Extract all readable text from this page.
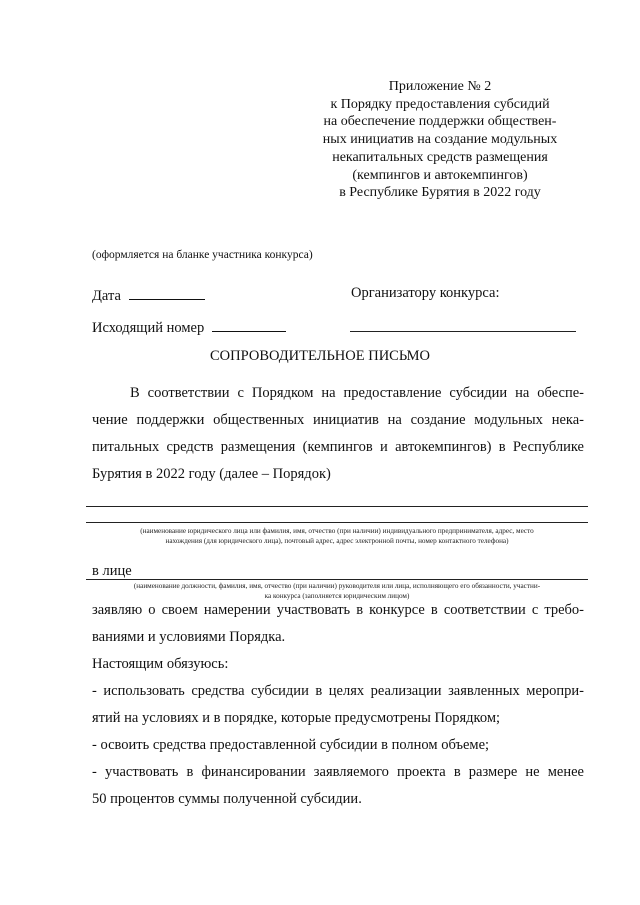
Приложение № 2
к Порядку предоставления субсидий
на обеспечение поддержки обществен-
ных инициатив на создание модульных
некапитальных средств размещения
(кемпингов и автокемпингов)
в Республике Бурятия в 2022 году
(оформляется на бланке участника конкурса)
Дата	Организатору конкурса:
Исходящий номер
СОПРОВОДИТЕЛЬНОЕ ПИСЬМО
В соответствии с Порядком на предоставление субсидии на обеспе-
чение поддержки общественных инициатив на создание модульных нека-
питальных средств размещения (кемпингов и автокемпингов) в Республике
Бурятия в 2022 году (далее – Порядок)
(наименование юридического лица или фамилия, имя, отчество (при наличии) индивидуального предпринимателя, адрес, место
нахождения (для юридического лица), почтовый адрес, адрес электронной почты, номер контактного телефона)
в лице
(наименование должности, фамилия, имя, отчество (при наличии) руководителя или лица, исполняющего его обязанности, участни-
ка конкурса (заполняется юридическим лицом)
заявляю о своем намерении участвовать в конкурсе в соответствии с требо-
ваниями и условиями Порядка.
Настоящим обязуюсь:
- использовать средства субсидии в целях реализации заявленных меропри-
ятий на условиях и в порядке, которые предусмотрены Порядком;
- освоить средства предоставленной субсидии в полном объеме;
- участвовать в финансировании заявляемого проекта в размере не менее
50 процентов суммы полученной субсидии.
